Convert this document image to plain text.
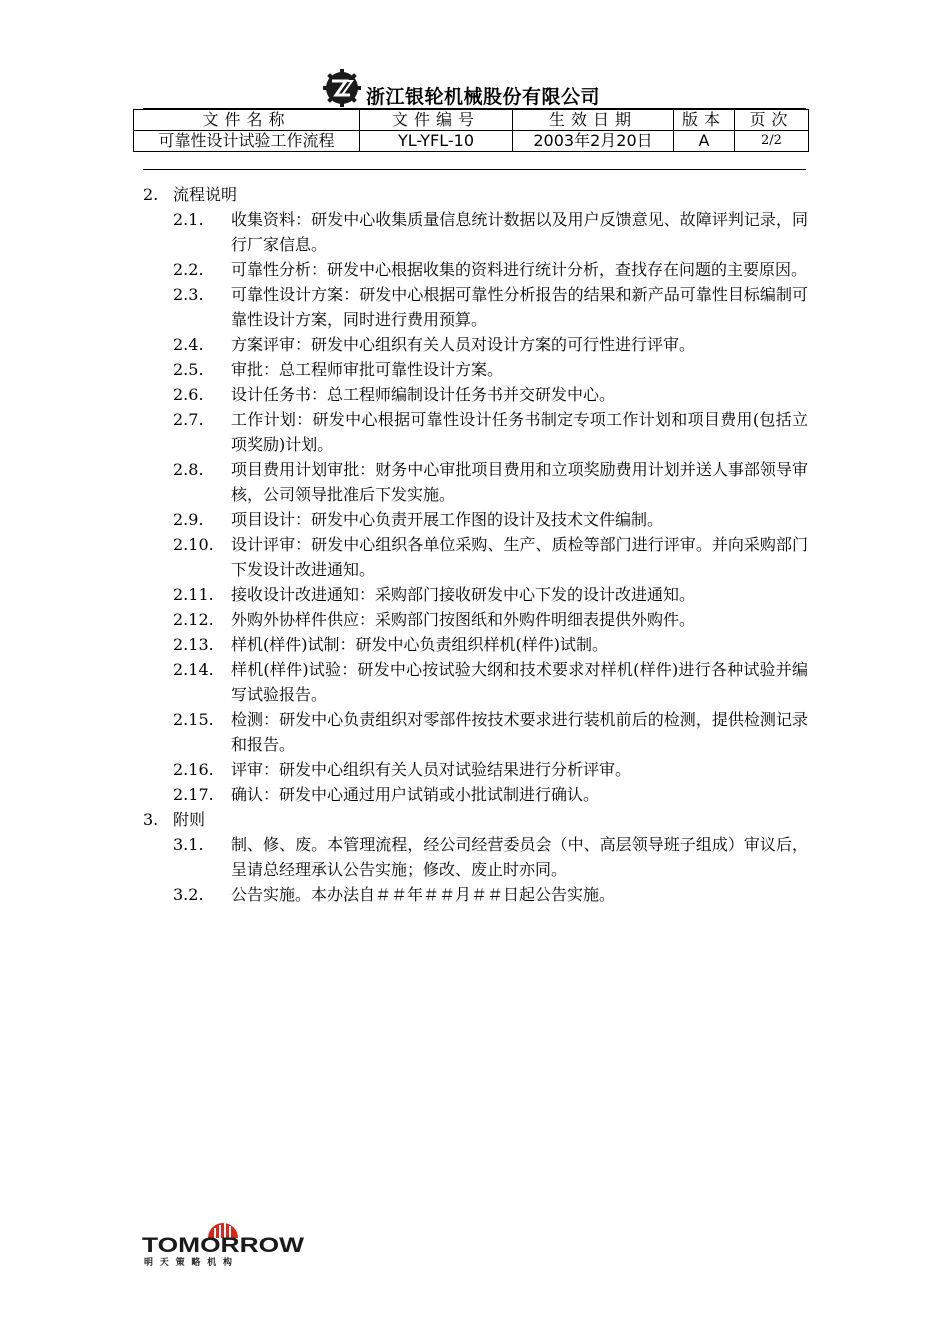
浙江银轮机械股份有限公司
文件名称	文件编号	生效日期	版本	页次
可靠性设计试验工作流程	YL-YFL-10	2003年2月20日	A	2/2
2. 流程说明
2.1.	收集资料：研发中心收集质量信息统计数据以及用户反馈意见、故障评判记录，同行厂家信息。
2.2.	可靠性分析：研发中心根据收集的资料进行统计分析，查找存在问题的主要原因。
2.3.	可靠性设计方案：研发中心根据可靠性分析报告的结果和新产品可靠性目标编制可靠性设计方案，同时进行费用预算。
2.4.	方案评审：研发中心组织有关人员对设计方案的可行性进行评审。
2.5.	审批：总工程师审批可靠性设计方案。
2.6.	设计任务书：总工程师编制设计任务书并交研发中心。
2.7.	工作计划：研发中心根据可靠性设计任务书制定专项工作计划和项目费用(包括立项奖励)计划。
2.8.	项目费用计划审批：财务中心审批项目费用和立项奖励费用计划并送人事部领导审核，公司领导批准后下发实施。
2.9.	项目设计：研发中心负责开展工作图的设计及技术文件编制。
2.10.	设计评审：研发中心组织各单位采购、生产、质检等部门进行评审。并向采购部门下发设计改进通知。
2.11.	接收设计改进通知：采购部门接收研发中心下发的设计改进通知。
2.12.	外购外协样件供应：采购部门按图纸和外购件明细表提供外购件。
2.13.	样机(样件)试制：研发中心负责组织样机(样件)试制。
2.14.	样机(样件)试验：研发中心按试验大纲和技术要求对样机(样件)进行各种试验并编写试验报告。
2.15.	检测：研发中心负责组织对零部件按技术要求进行装机前后的检测，提供检测记录和报告。
2.16.	评审：研发中心组织有关人员对试验结果进行分析评审。
2.17.	确认：研发中心通过用户试销或小批试制进行确认。
3. 附则
3.1.	制、修、废。本管理流程，经公司经营委员会（中、高层领导班子组成）审议后，呈请总经理承认公告实施；修改、废止时亦同。
3.2.	公告实施。本办法自＃＃年＃＃月＃＃日起公告实施。
TOMORROW
明天策略机构
